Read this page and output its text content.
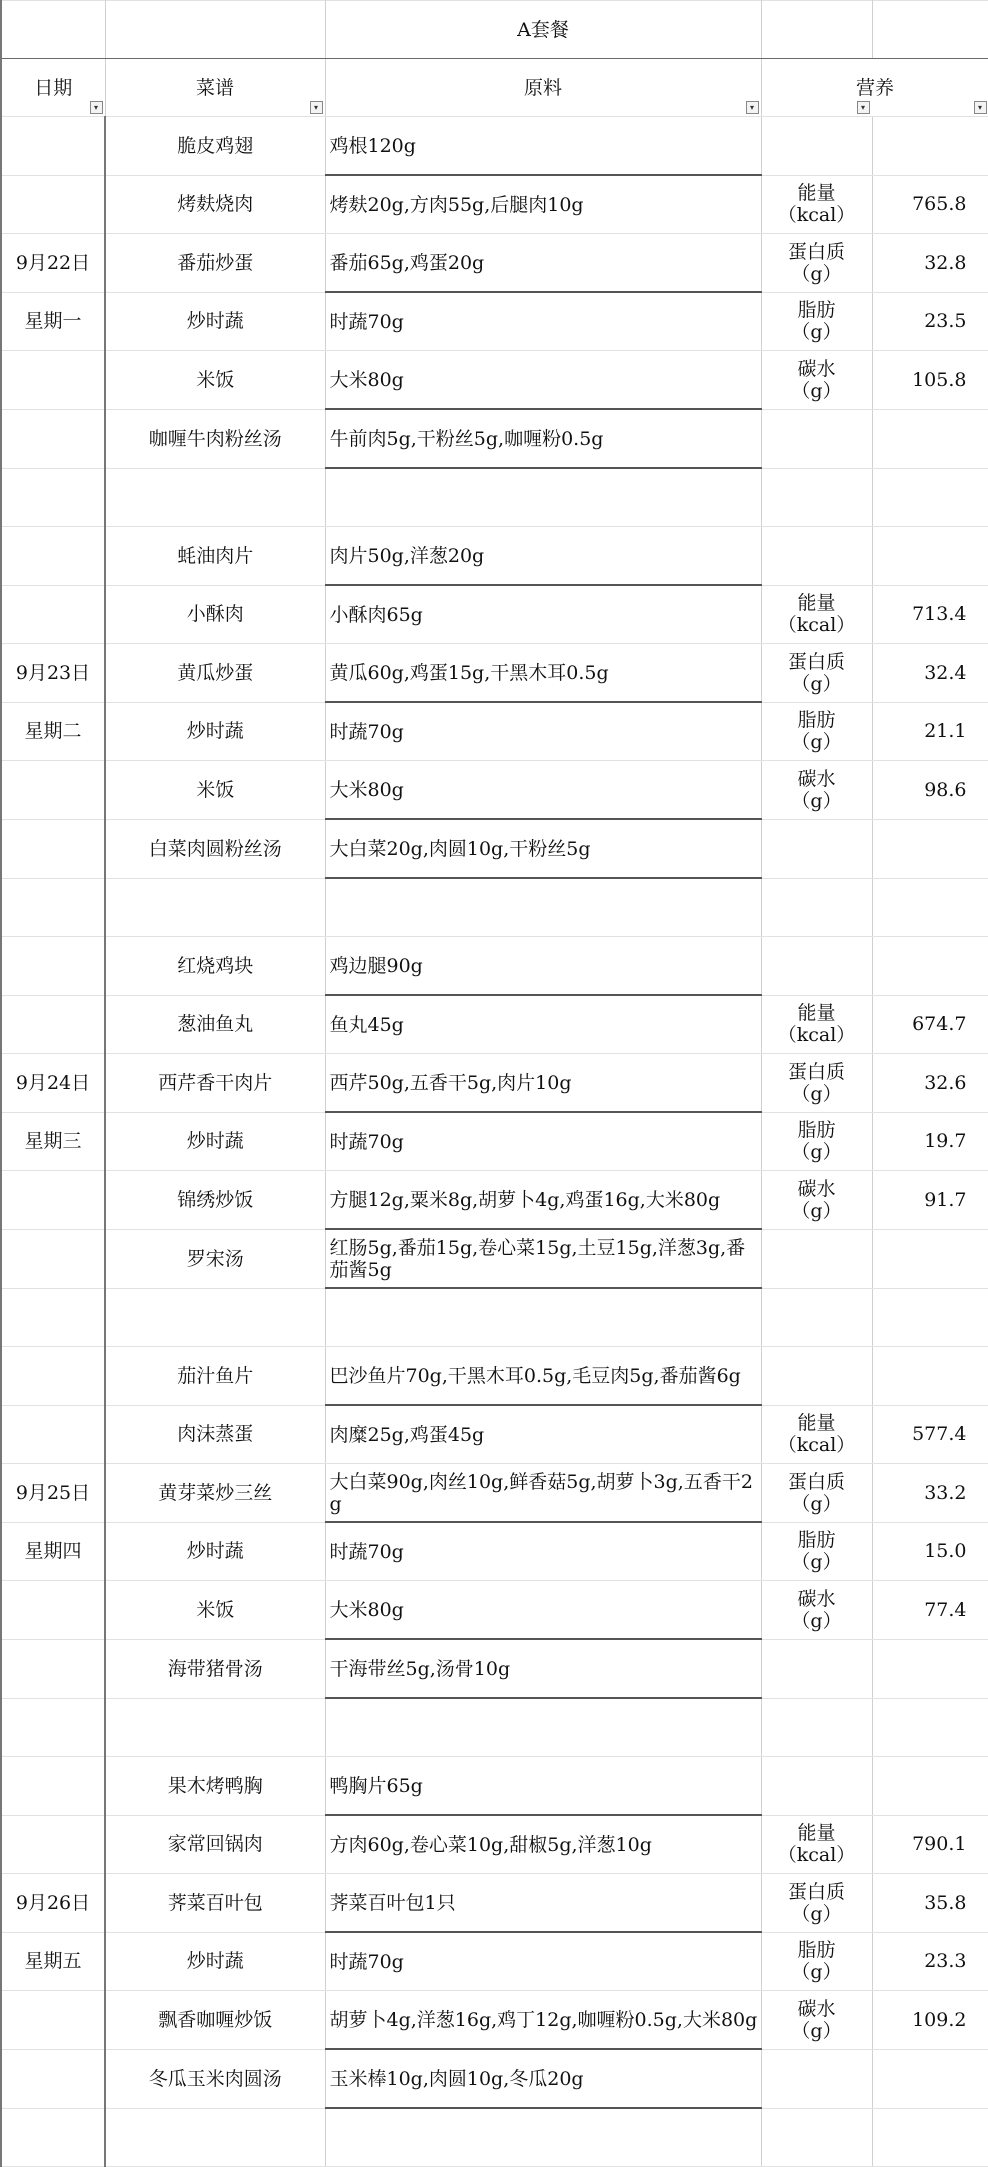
		A套餐		
日期
▾	菜谱
▾	原料
▾	营养
▾ ▾	

	脆皮鸡翅	鸡根120g		
	烤麸烧肉	烤麸20g,方肉55g,后腿肉10g	能量
（kcal）	765.8
9月22日	番茄炒蛋	番茄65g,鸡蛋20g	蛋白质
（g）	32.8
星期一	炒时蔬	时蔬70g	脂肪
（g）	23.5
	米饭	大米80g	碳水
（g）	105.8
	咖喱牛肉粉丝汤	牛前肉5g,干粉丝5g,咖喱粉0.5g		

	蚝油肉片	肉片50g,洋葱20g		
	小酥肉	小酥肉65g	能量
（kcal）	713.4
9月23日	黄瓜炒蛋	黄瓜60g,鸡蛋15g,干黑木耳0.5g	蛋白质
（g）	32.4
星期二	炒时蔬	时蔬70g	脂肪
（g）	21.1
	米饭	大米80g	碳水
（g）	98.6
	白菜肉圆粉丝汤	大白菜20g,肉圆10g,干粉丝5g		

	红烧鸡块	鸡边腿90g		
	葱油鱼丸	鱼丸45g	能量
（kcal）	674.7
9月24日	西芹香干肉片	西芹50g,五香干5g,肉片10g	蛋白质
（g）	32.6
星期三	炒时蔬	时蔬70g	脂肪
（g）	19.7
	锦绣炒饭	方腿12g,粟米8g,胡萝卜4g,鸡蛋16g,大米80g	碳水
（g）	91.7
	罗宋汤	红肠5g,番茄15g,卷心菜15g,土豆15g,洋葱3g,番茄酱5g		

	茄汁鱼片	巴沙鱼片70g,干黑木耳0.5g,毛豆肉5g,番茄酱6g		
	肉沫蒸蛋	肉糜25g,鸡蛋45g	能量
（kcal）	577.4
9月25日	黄芽菜炒三丝	大白菜90g,肉丝10g,鲜香菇5g,胡萝卜3g,五香干2g	蛋白质
（g）	33.2
星期四	炒时蔬	时蔬70g	脂肪
（g）	15.0
	米饭	大米80g	碳水
（g）	77.4
	海带猪骨汤	干海带丝5g,汤骨10g		

	果木烤鸭胸	鸭胸片65g		
	家常回锅肉	方肉60g,卷心菜10g,甜椒5g,洋葱10g	能量
（kcal）	790.1
9月26日	荠菜百叶包	荠菜百叶包1只	蛋白质
（g）	35.8
星期五	炒时蔬	时蔬70g	脂肪
（g）	23.3
	飘香咖喱炒饭	胡萝卜4g,洋葱16g,鸡丁12g,咖喱粉0.5g,大米80g	碳水
（g）	109.2
	冬瓜玉米肉圆汤	玉米棒10g,肉圆10g,冬瓜20g		
